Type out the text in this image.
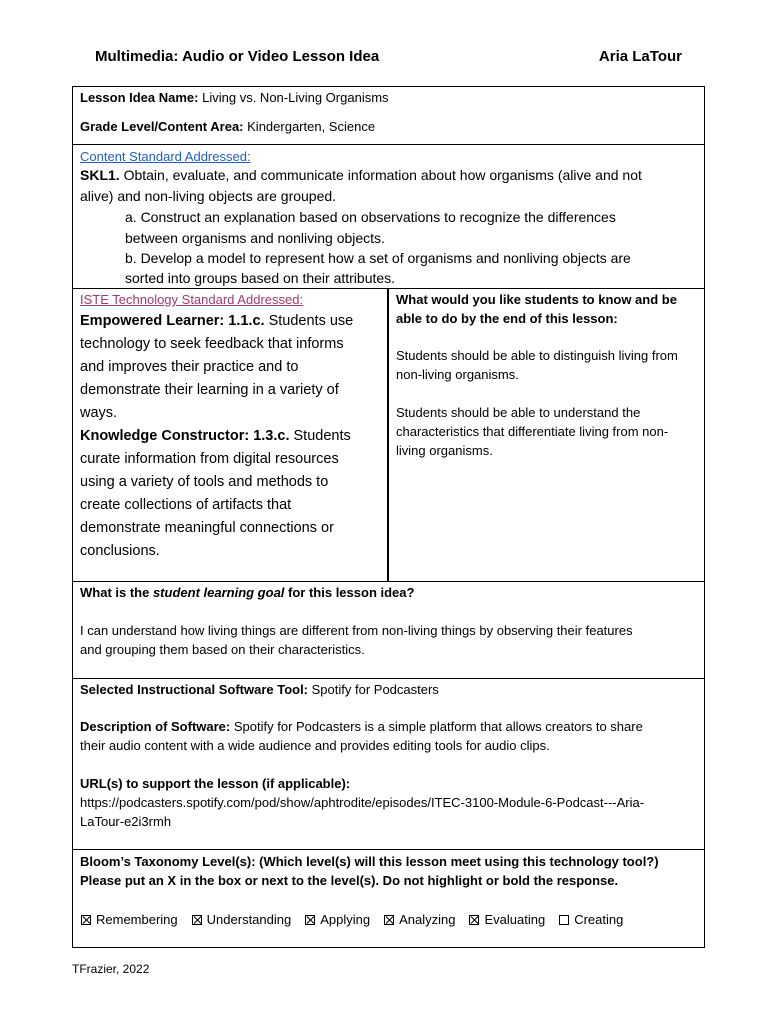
Multimedia: Audio or Video Lesson Idea	Aria LaTour
Lesson Idea Name: Living vs. Non-Living Organisms
Grade Level/Content Area: Kindergarten, Science
Content Standard Addressed:
SKL1. Obtain, evaluate, and communicate information about how organisms (alive and not
alive) and non-living objects are grouped.
a. Construct an explanation based on observations to recognize the differences
between organisms and nonliving objects.
b. Develop a model to represent how a set of organisms and nonliving objects are
sorted into groups based on their attributes.
ISTE Technology Standard Addressed:
Empowered Learner: 1.1.c. Students use
technology to seek feedback that informs
and improves their practice and to
demonstrate their learning in a variety of
ways.
Knowledge Constructor: 1.3.c. Students
curate information from digital resources
using a variety of tools and methods to
create collections of artifacts that
demonstrate meaningful connections or
conclusions.
What would you like students to know and be
able to do by the end of this lesson:
Students should be able to distinguish living from
non-living organisms.
Students should be able to understand the
characteristics that differentiate living from non-
living organisms.
What is the student learning goal for this lesson idea?
I can understand how living things are different from non-living things by observing their features
and grouping them based on their characteristics.
Selected Instructional Software Tool: Spotify for Podcasters
Description of Software: Spotify for Podcasters is a simple platform that allows creators to share
their audio content with a wide audience and provides editing tools for audio clips.
URL(s) to support the lesson (if applicable):
https://podcasters.spotify.com/pod/show/aphtrodite/episodes/ITEC-3100-Module-6-Podcast---Aria-
LaTour-e2i3rmh
Bloom’s Taxonomy Level(s): (Which level(s) will this lesson meet using this technology tool?)
Please put an X in the box or next to the level(s). Do not highlight or bold the response.
Remembering Understanding Applying Analyzing Evaluating Creating
TFrazier, 2022
